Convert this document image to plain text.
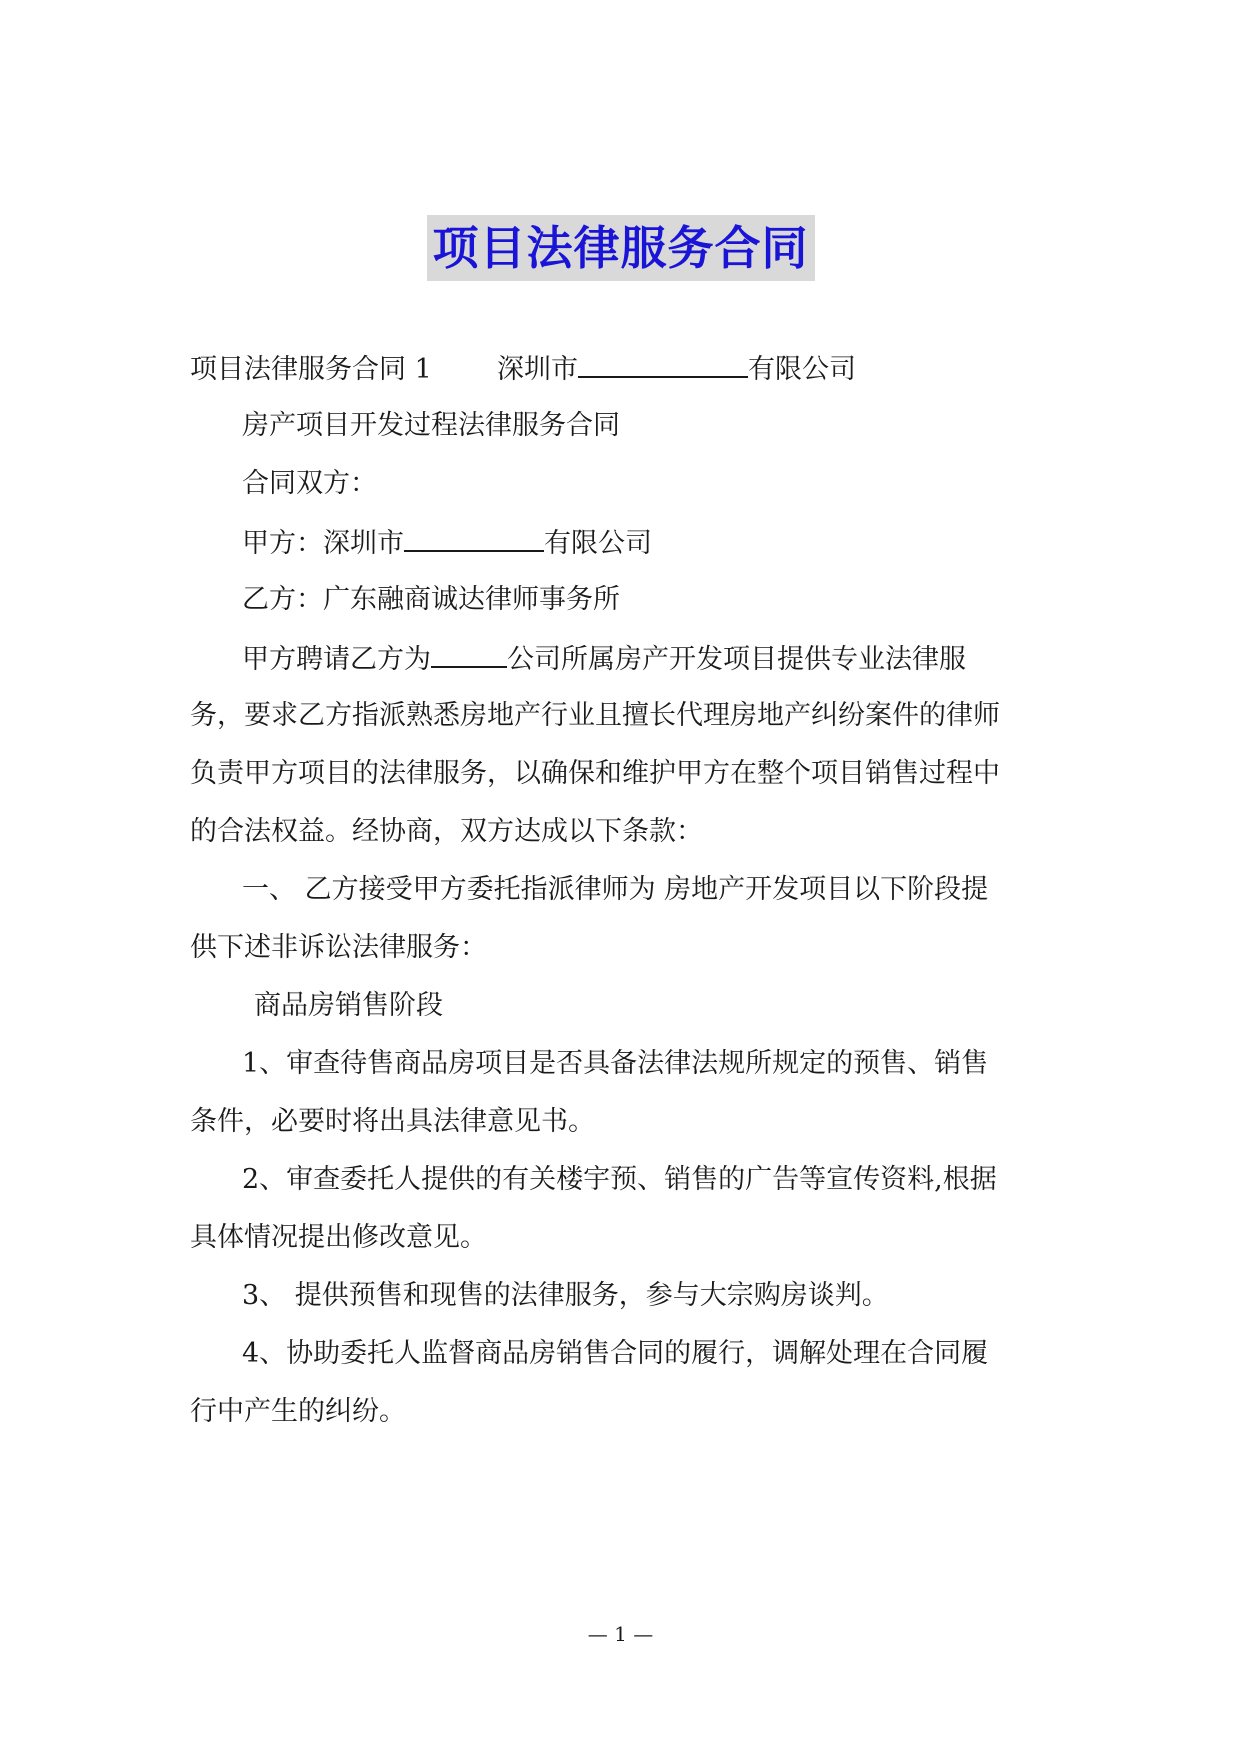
项目法律服务合同
项目法律服务合同 1 深圳市	有限公司
房产项目开发过程法律服务合同
合同双方：
甲方：深圳市	有限公司
乙方：广东融商诚达律师事务所
甲方聘请乙方为	公司所属房产开发项目提供专业法律服
务，要求乙方指派熟悉房地产行业且擅长代理房地产纠纷案件的律师
负责甲方项目的法律服务，以确保和维护甲方在整个项目销售过程中
的合法权益。经协商，双方达成以下条款：
一、 乙方接受甲方委托指派律师为 房地产开发项目以下阶段提
供下述非诉讼法律服务：
商品房销售阶段
1、审查待售商品房项目是否具备法律法规所规定的预售、销售
条件，必要时将出具法律意见书。
2、审查委托人提供的有关楼宇预、销售的广告等宣传资料,根据
具体情况提出修改意见。
3、 提供预售和现售的法律服务，参与大宗购房谈判。
4、协助委托人监督商品房销售合同的履行，调解处理在合同履
行中产生的纠纷。
— 1 —
